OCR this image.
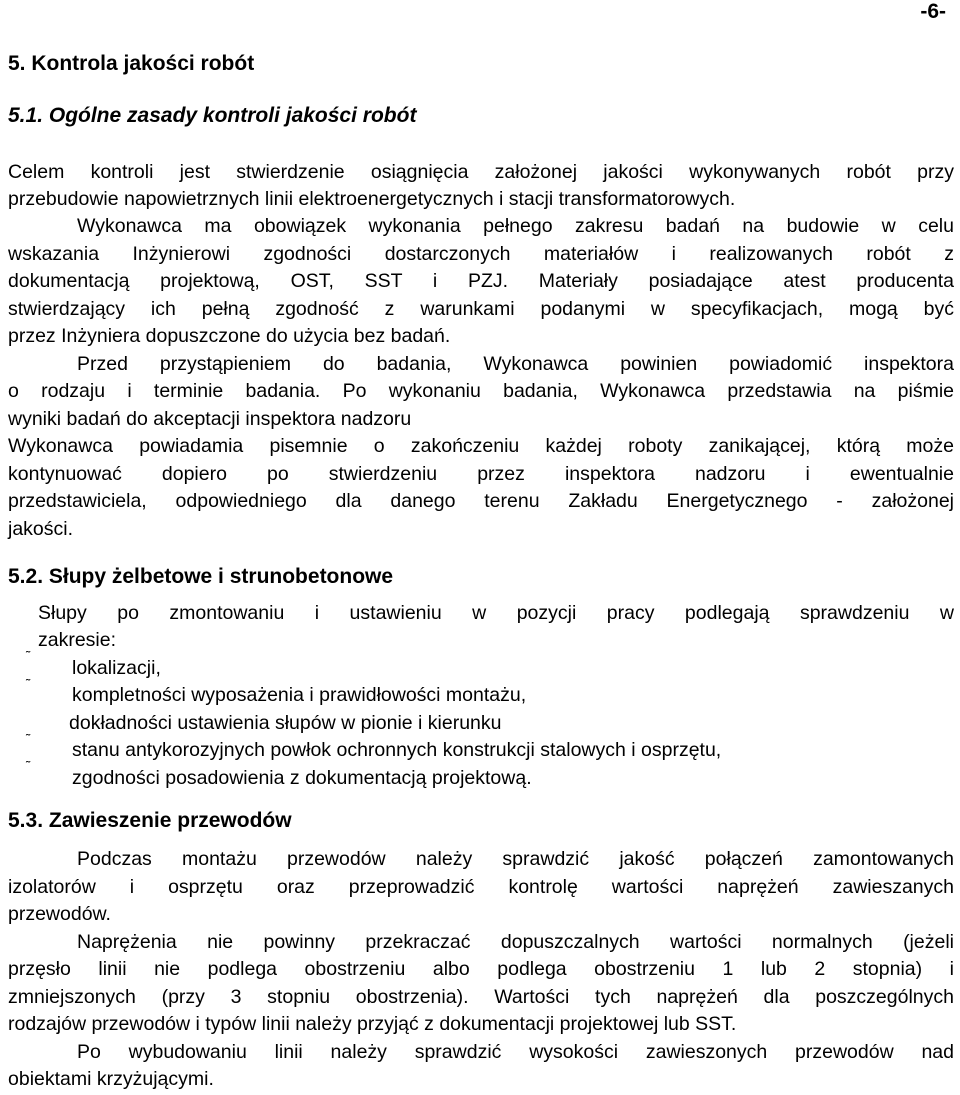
-6-
5. Kontrola jakości robót
5.1. Ogólne zasady kontroli jakości robót
Celem kontroli jest stwierdzenie osiągnięcia założonej jakości wykonywanych robót przy
przebudowie napowietrznych linii elektroenergetycznych i stacji transformatorowych.
Wykonawca ma obowiązek wykonania pełnego zakresu badań na budowie w celu
wskazania Inżynierowi zgodności dostarczonych materiałów i realizowanych robót z
dokumentacją projektową, OST, SST i PZJ. Materiały posiadające atest producenta
stwierdzający ich pełną zgodność z warunkami podanymi w specyfikacjach, mogą być
przez Inżyniera dopuszczone do użycia bez badań.
Przed przystąpieniem do badania, Wykonawca powinien powiadomić inspektora
o rodzaju i terminie badania. Po wykonaniu badania, Wykonawca przedstawia na piśmie
wyniki badań do akceptacji inspektora nadzoru
Wykonawca powiadamia pisemnie o zakończeniu każdej roboty zanikającej, którą może
kontynuować dopiero po stwierdzeniu przez inspektora nadzoru i ewentualnie
przedstawiciela, odpowiedniego dla danego terenu Zakładu Energetycznego - założonej
jakości.
5.2. Słupy żelbetowe i strunobetonowe
Słupy po zmontowaniu i ustawieniu w pozycji pracy podlegają sprawdzeniu w
zakresie:
˜
lokalizacji,
˜
kompletności wyposażenia i prawidłowości montażu,
dokładności ustawienia słupów w pionie i kierunku
˜
stanu antykorozyjnych powłok ochronnych konstrukcji stalowych i osprzętu,
˜
zgodności posadowienia z dokumentacją projektową.
5.3. Zawieszenie przewodów
Podczas montażu przewodów należy sprawdzić jakość połączeń zamontowanych
izolatorów i osprzętu oraz przeprowadzić kontrolę wartości naprężeń zawieszanych
przewodów.
Naprężenia nie powinny przekraczać dopuszczalnych wartości normalnych (jeżeli
przęsło linii nie podlega obostrzeniu albo podlega obostrzeniu 1 lub 2 stopnia) i
zmniejszonych (przy 3 stopniu obostrzenia). Wartości tych naprężeń dla poszczególnych
rodzajów przewodów i typów linii należy przyjąć z dokumentacji projektowej lub SST.
Po wybudowaniu linii należy sprawdzić wysokości zawieszonych przewodów nad
obiektami krzyżującymi.
